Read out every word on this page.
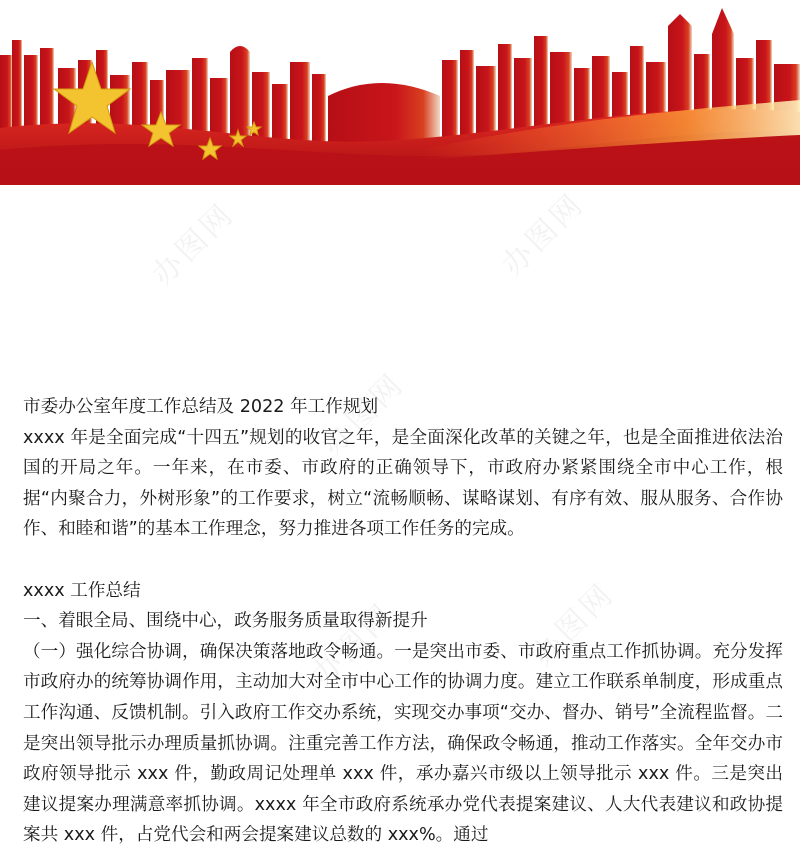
办图网	办图网
办图网
办图网
办图网

市委办公室年度工作总结及 2022 年工作规划

xxxx 年是全面完成“十四五”规划的收官之年，是全面深化改革的关键之年，也是全面推进依法治国的开局之年。一年来，在市委、市政府的正确领导下，市政府办紧紧围绕全市中心工作，根据“内聚合力，外树形象”的工作要求，树立“流畅顺畅、谋略谋划、有序有效、服从服务、合作协作、和睦和谐”的基本工作理念，努力推进各项工作任务的完成。

xxxx 工作总结

一、着眼全局、围绕中心，政务服务质量取得新提升

（一）强化综合协调，确保决策落地政令畅通。一是突出市委、市政府重点工作抓协调。充分发挥市政府办的统筹协调作用，主动加大对全市中心工作的协调力度。建立工作联系单制度，形成重点工作沟通、反馈机制。引入政府工作交办系统，实现交办事项“交办、督办、销号”全流程监督。二是突出领导批示办理质量抓协调。注重完善工作方法，确保政令畅通，推动工作落实。全年交办市政府领导批示 xxx 件，勤政周记处理单 xxx 件，承办嘉兴市级以上领导批示 xxx 件。三是突出建议提案办理满意率抓协调。xxxx 年全市政府系统承办党代表提案建议、人大代表建议和政协提案共 xxx 件，占党代会和两会提案建议总数的 xxx%。通过
